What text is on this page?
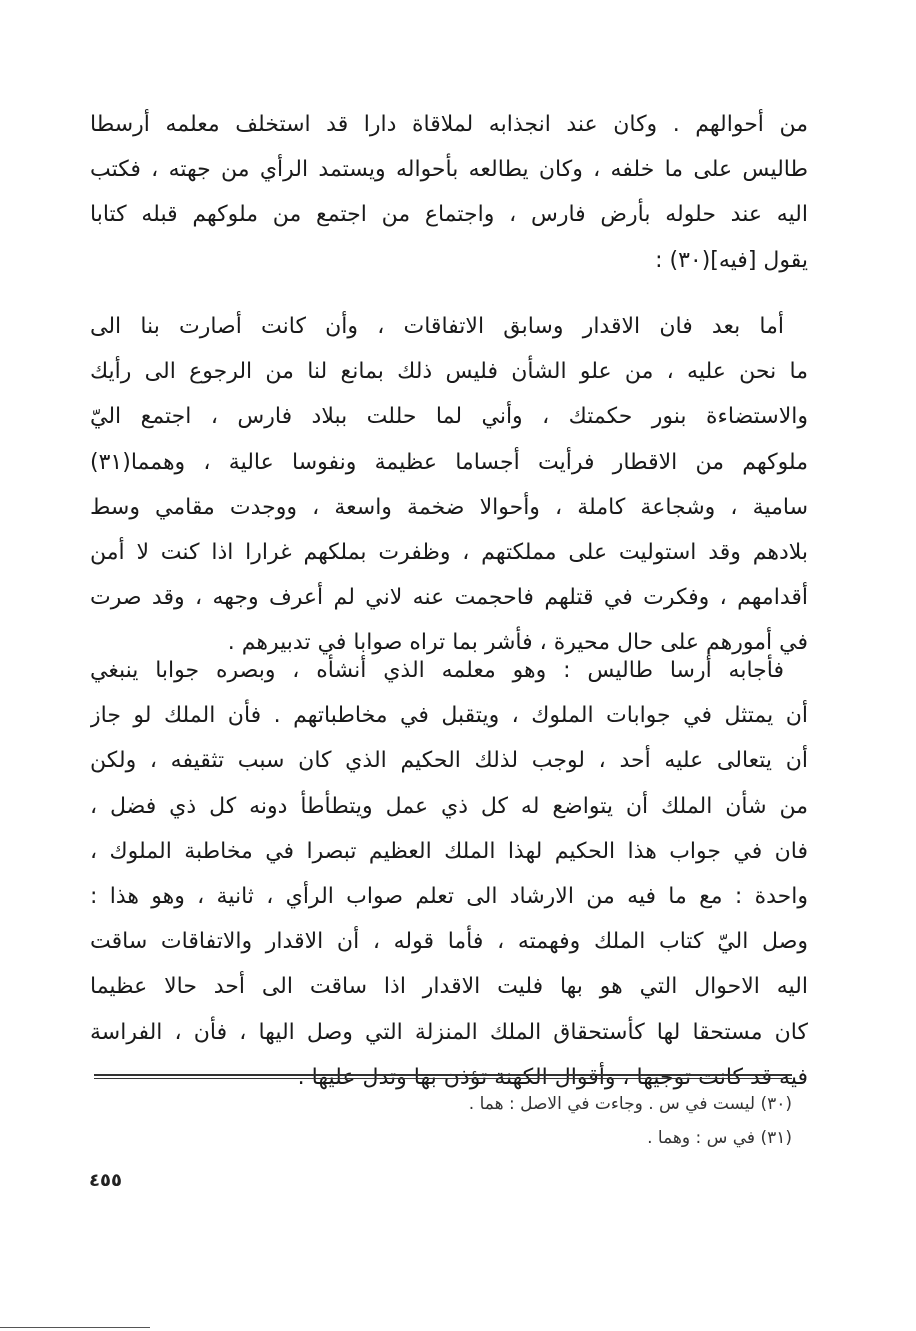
من أحوالهم . وكان عند انجذابه لملاقاة دارا قد استخلف معلمه أرسطا
طاليس على ما خلفه ، وكان يطالعه بأحواله ويستمد الرأي من جهته ، فكتب
اليه عند حلوله بأرض فارس ، واجتماع من اجتمع من ملوكهم قبله كتابا
يقول [فيه](٣٠) :
أما بعد فان الاقدار وسابق الاتفاقات ، وأن كانت أصارت بنا الى
ما نحن عليه ، من علو الشأن فليس ذلك بمانع لنا من الرجوع الى رأيك
والاستضاءة بنور حكمتك ، وأني لما حللت ببلاد فارس ، اجتمع اليّ
ملوكهم من الاقطار فرأيت أجساما عظيمة ونفوسا عالية ، وهمما(٣١)
سامية ، وشجاعة كاملة ، وأحوالا ضخمة واسعة ، ووجدت مقامي وسط
بلادهم وقد استوليت على مملكتهم ، وظفرت بملكهم غرارا اذا كنت لا أمن
أقدامهم ، وفكرت في قتلهم فاحجمت عنه لاني لم أعرف وجهه ، وقد صرت
في أمورهم على حال محيرة ، فأشر بما تراه صوابا في تدبيرهم .
فأجابه أرسا طاليس : وهو معلمه الذي أنشأه ، وبصره جوابا ينبغي
أن يمتثل في جوابات الملوك ، ويتقبل في مخاطباتهم . فأن الملك لو جاز
أن يتعالى عليه أحد ، لوجب لذلك الحكيم الذي كان سبب تثقيفه ، ولكن
من شأن الملك أن يتواضع له كل ذي عمل ويتطأطأ دونه كل ذي فضل ،
فان في جواب هذا الحكيم لهذا الملك العظيم تبصرا في مخاطبة الملوك ،
واحدة : مع ما فيه من الارشاد الى تعلم صواب الرأي ، ثانية ، وهو هذا :
وصل اليّ كتاب الملك وفهمته ، فأما قوله ، أن الاقدار والاتفاقات ساقت
اليه الاحوال التي هو بها فليت الاقدار اذا ساقت الى أحد حالا عظيما
كان مستحقا لها كأستحقاق الملك المنزلة التي وصل اليها ، فأن ، الفراسة
فيه قد كانت توجيها ، وأقوال الكهنة تؤذن بها وتدل عليها .
(٣٠) ليست في س . وجاءت في الاصل : هما .
(٣١) في س : وهما .
٤٥٥
